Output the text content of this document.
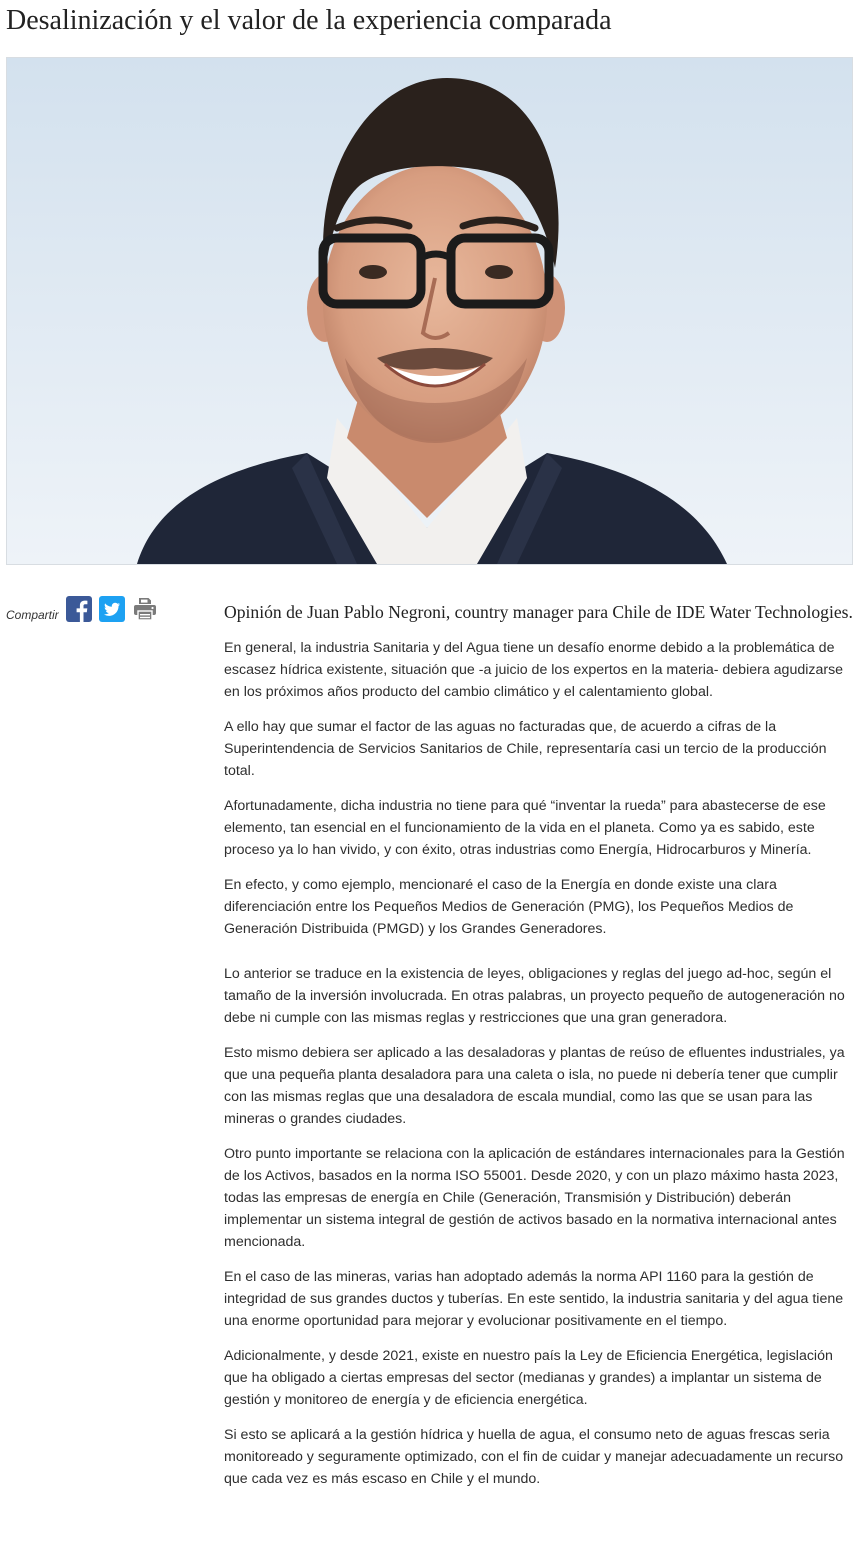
Desalinización y el valor de la experiencia comparada
Compartir	Opinión de Juan Pablo Negroni, country manager para Chile de IDE Water Technologies.

En general, la industria Sanitaria y del Agua tiene un desafío enorme debido a la problemática de escasez hídrica existente, situación que -a juicio de los expertos en la materia- debiera agudizarse en los próximos años producto del cambio climático y el calentamiento global.

A ello hay que sumar el factor de las aguas no facturadas que, de acuerdo a cifras de la Superintendencia de Servicios Sanitarios de Chile, representaría casi un tercio de la producción total.

Afortunadamente, dicha industria no tiene para qué “inventar la rueda” para abastecerse de ese elemento, tan esencial en el funcionamiento de la vida en el planeta. Como ya es sabido, este proceso ya lo han vivido, y con éxito, otras industrias como Energía, Hidrocarburos y Minería.

En efecto, y como ejemplo, mencionaré el caso de la Energía en donde existe una clara diferenciación entre los Pequeños Medios de Generación (PMG), los Pequeños Medios de Generación Distribuida (PMGD) y los Grandes Generadores.

Lo anterior se traduce en la existencia de leyes, obligaciones y reglas del juego ad-hoc, según el tamaño de la inversión involucrada. En otras palabras, un proyecto pequeño de autogeneración no debe ni cumple con las mismas reglas y restricciones que una gran generadora.

Esto mismo debiera ser aplicado a las desaladoras y plantas de reúso de efluentes industriales, ya que una pequeña planta desaladora para una caleta o isla, no puede ni debería tener que cumplir con las mismas reglas que una desaladora de escala mundial, como las que se usan para las mineras o grandes ciudades.

Otro punto importante se relaciona con la aplicación de estándares internacionales para la Gestión de los Activos, basados en la norma ISO 55001. Desde 2020, y con un plazo máximo hasta 2023, todas las empresas de energía en Chile (Generación, Transmisión y Distribución) deberán implementar un sistema integral de gestión de activos basado en la normativa internacional antes mencionada.

En el caso de las mineras, varias han adoptado además la norma API 1160 para la gestión de integridad de sus grandes ductos y tuberías. En este sentido, la industria sanitaria y del agua tiene una enorme oportunidad para mejorar y evolucionar positivamente en el tiempo.

Adicionalmente, y desde 2021, existe en nuestro país la Ley de Eficiencia Energética, legislación que ha obligado a ciertas empresas del sector (medianas y grandes) a implantar un sistema de gestión y monitoreo de energía y de eficiencia energética.

Si esto se aplicará a la gestión hídrica y huella de agua, el consumo neto de aguas frescas seria monitoreado y seguramente optimizado, con el fin de cuidar y manejar adecuadamente un recurso que cada vez es más escaso en Chile y el mundo.
